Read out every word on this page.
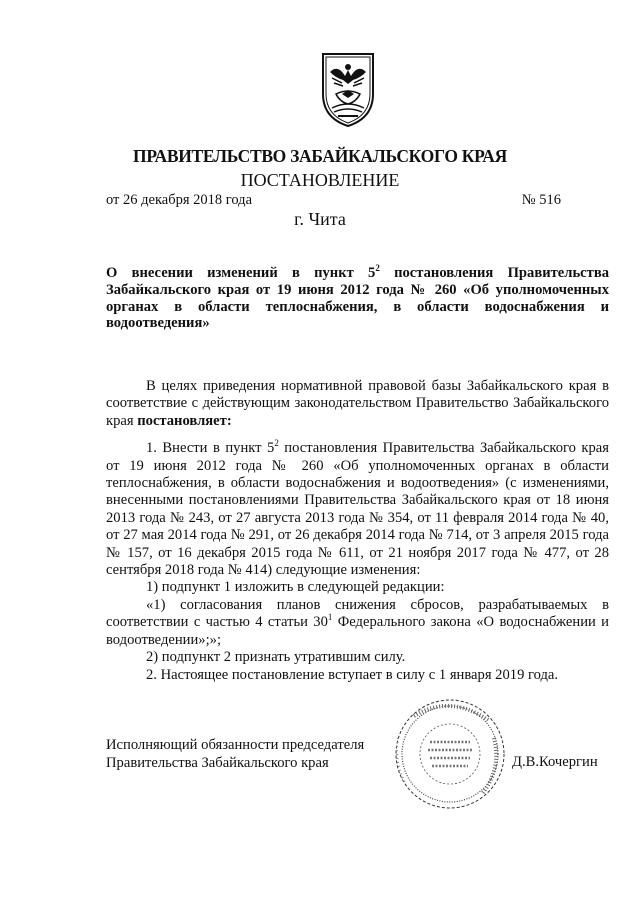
ПРАВИТЕЛЬСТВО ЗАБАЙКАЛЬСКОГО КРАЯ
ПОСТАНОВЛЕНИЕ
от 26 декабря 2018 года	№ 516
г. Чита
О внесении изменений в пункт $5^2$ постановления Правительства Забайкальского края от 19 июня 2012 года № 260 «Об уполномоченных органах в области теплоснабжения, в области водоснабжения и водоотведения»

В целях приведения нормативной правовой базы Забайкальского края в соответствие с действующим законодательством Правительство Забайкальского края постановляет:

1. Внести в пункт $5^2$ постановления Правительства Забайкальского края от 19 июня 2012 года № 260 «Об уполномоченных органах в области теплоснабжения, в области водоснабжения и водоотведения» (с изменениями, внесенными постановлениями Правительства Забайкальского края от 18 июня 2013 года № 243, от 27 августа 2013 года № 354, от 11 февраля 2014 года № 40, от 27 мая 2014 года № 291, от 26 декабря 2014 года № 714, от 3 апреля 2015 года № 157, от 16 декабря 2015 года № 611, от 21 ноября 2017 года № 477, от 28 сентября 2018 года № 414) следующие изменения:

1) подпункт 1 изложить в следующей редакции:

«1) согласования планов снижения сбросов, разрабатываемых в соответствии с частью 4 статьи $30^1$ Федерального закона «О водоснабжении и водоотведении»;»;

2) подпункт 2 признать утратившим силу.

2. Настоящее постановление вступает в силу с 1 января 2019 года.

Исполняющий обязанности председателя
Правительства Забайкальского края	Д.В.Кочергин
